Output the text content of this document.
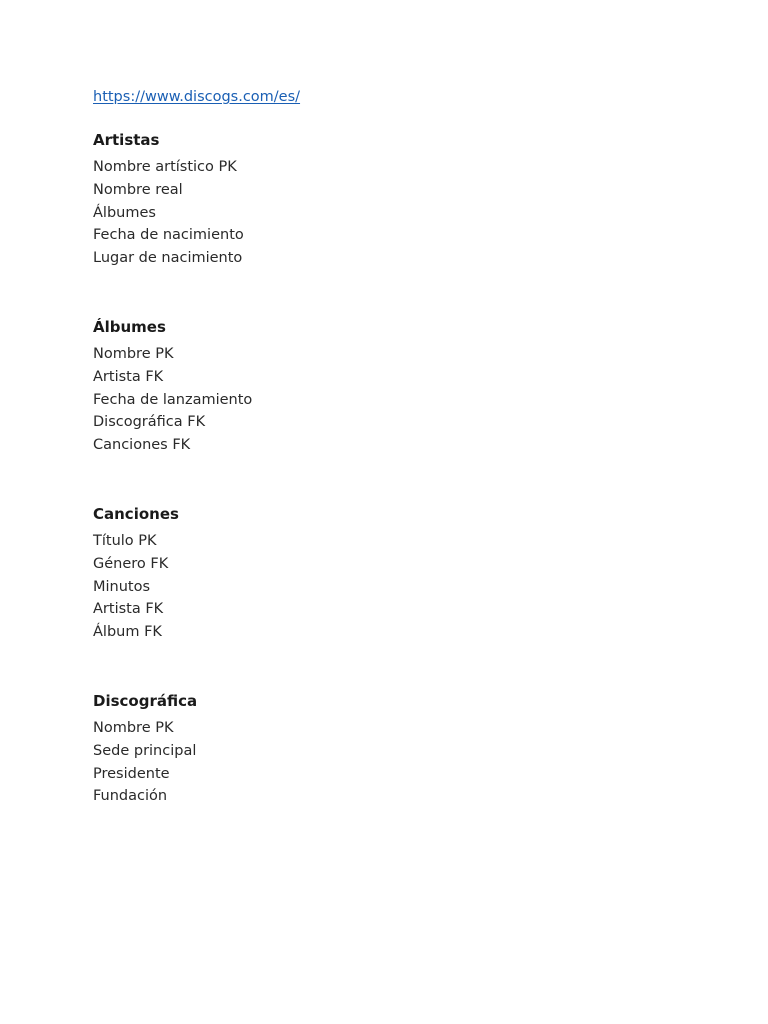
https://www.discogs.com/es/
Artistas
Nombre artístico PK
Nombre real
Álbumes
Fecha de nacimiento
Lugar de nacimiento
Álbumes
Nombre PK
Artista FK
Fecha de lanzamiento
Discográfica FK
Canciones FK
Canciones
Título PK
Género FK
Minutos
Artista FK
Álbum FK
Discográfica
Nombre PK
Sede principal
Presidente
Fundación
